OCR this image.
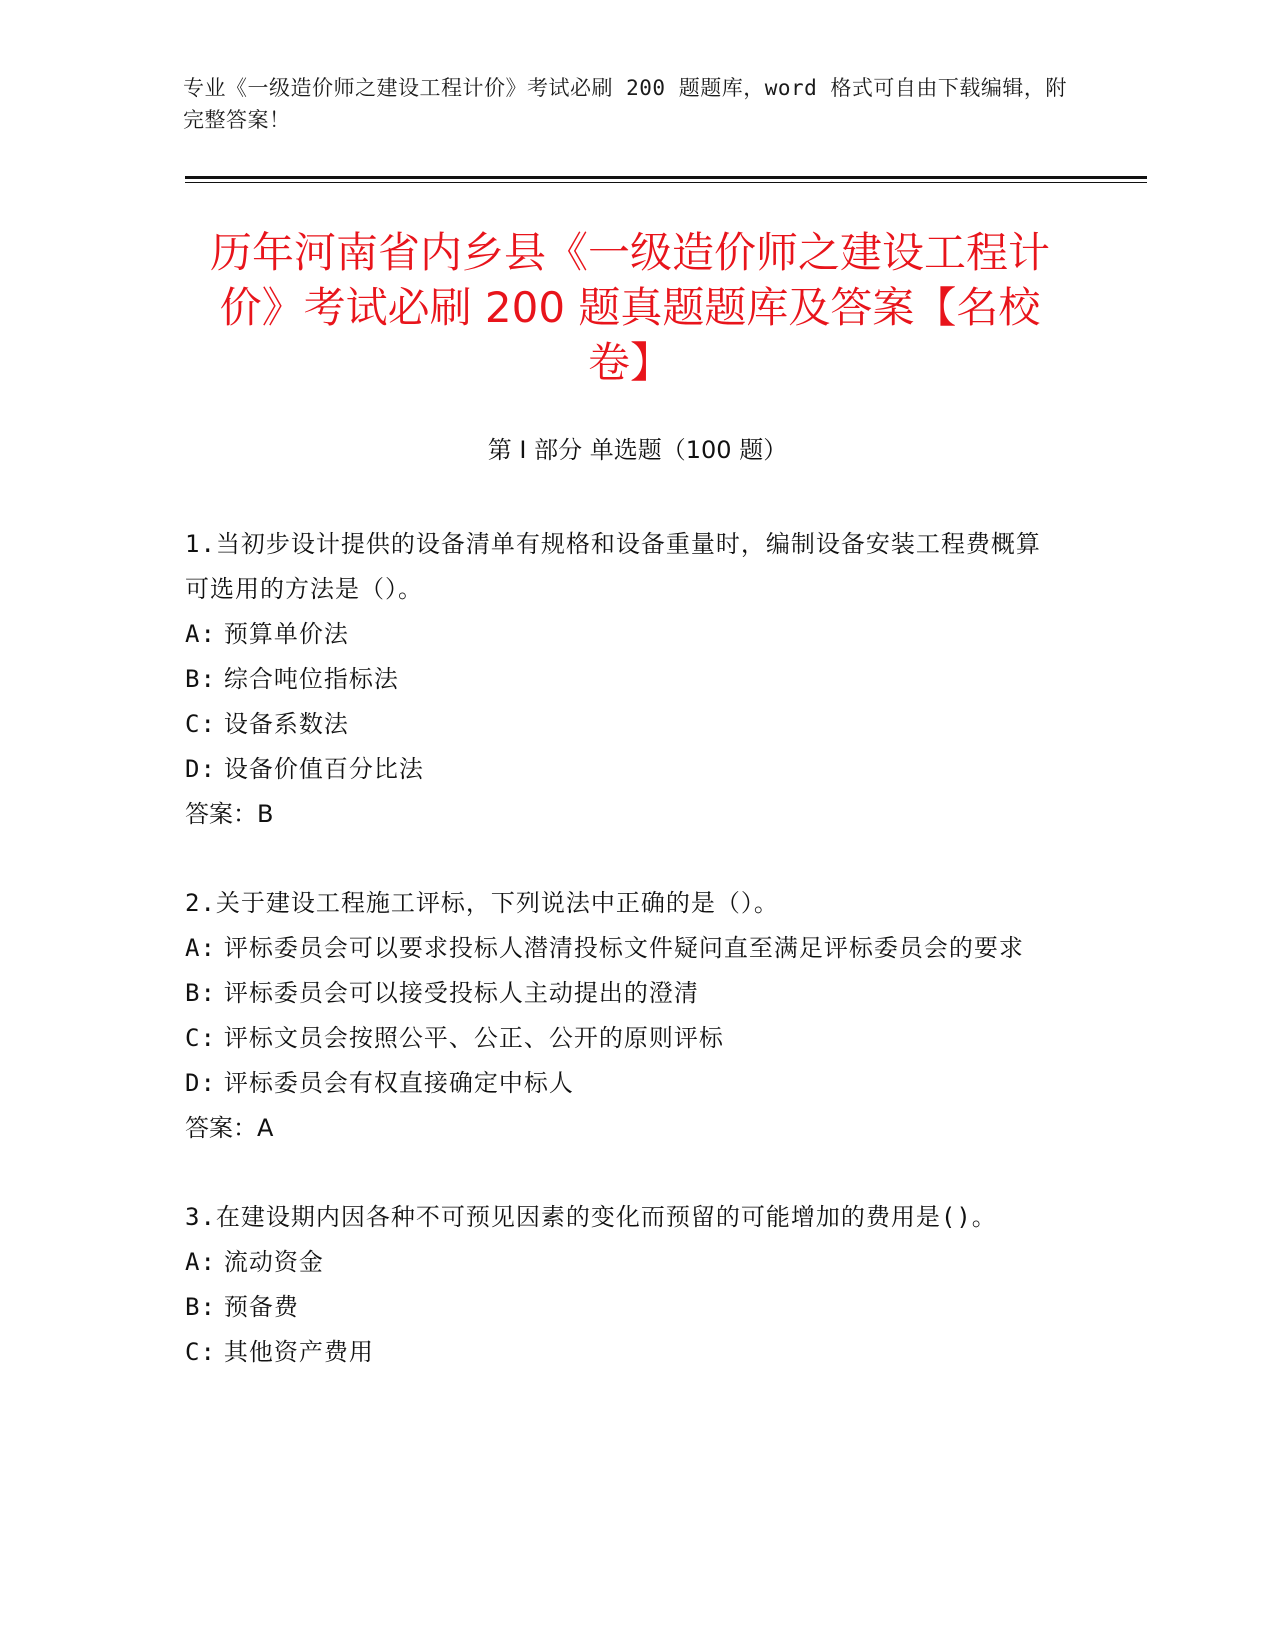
专业《一级造价师之建设工程计价》考试必刷 200 题题库，word 格式可自由下载编辑，附完整答案！
历年河南省内乡县《一级造价师之建设工程计价》考试必刷 200 题真题题库及答案【名校卷】
第 I 部分 单选题（100 题）
1.当初步设计提供的设备清单有规格和设备重量时，编制设备安装工程费概算可选用的方法是（）。
A: 预算单价法
B: 综合吨位指标法
C: 设备系数法
D: 设备价值百分比法
答案：B
2.关于建设工程施工评标，下列说法中正确的是（）。
A: 评标委员会可以要求投标人潜清投标文件疑问直至满足评标委员会的要求
B: 评标委员会可以接受投标人主动提出的澄清
C: 评标文员会按照公平、公正、公开的原则评标
D: 评标委员会有权直接确定中标人
答案：A
3.在建设期内因各种不可预见因素的变化而预留的可能增加的费用是()。
A: 流动资金
B: 预备费
C: 其他资产费用
